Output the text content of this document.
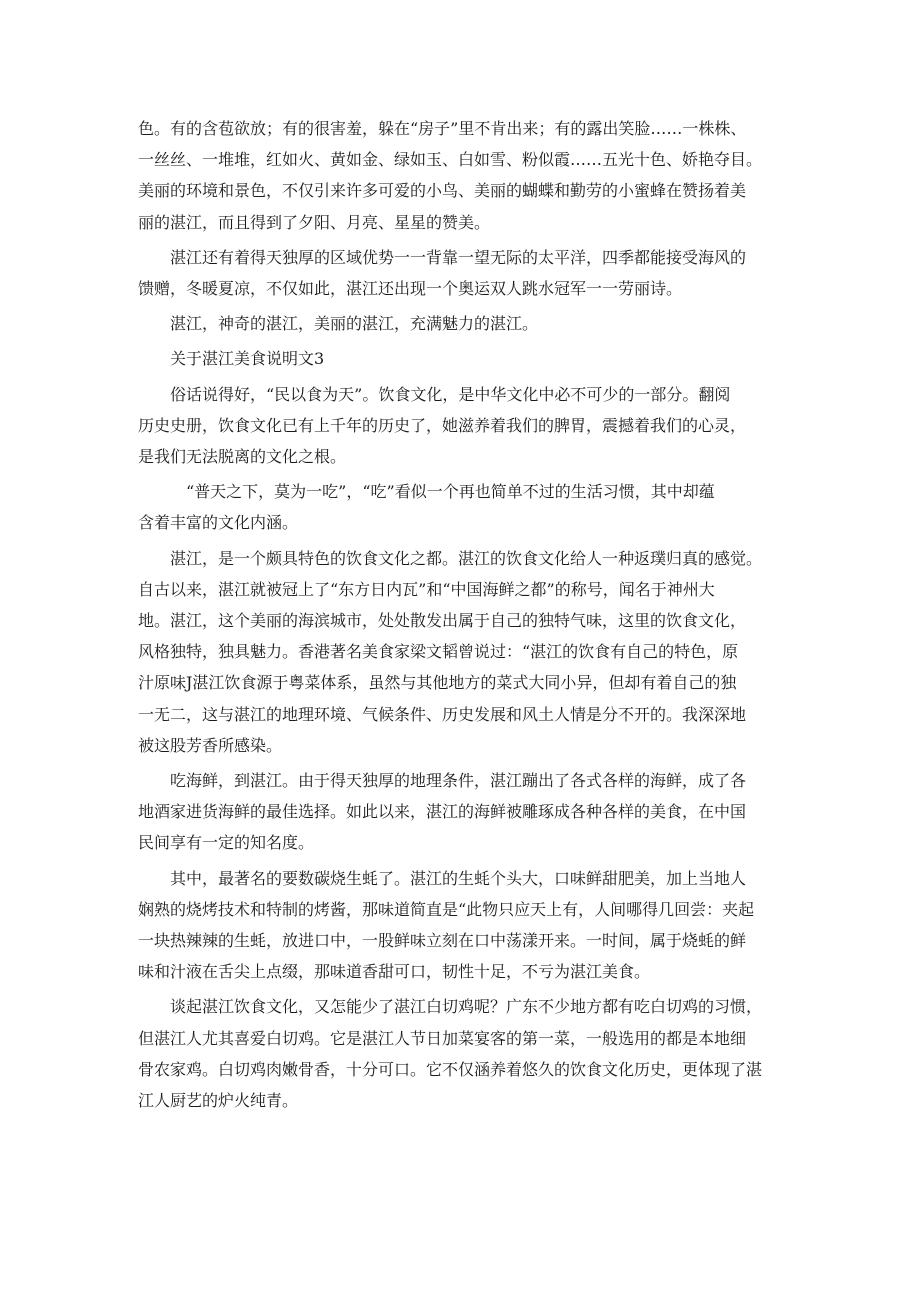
色。有的含苞欲放；有的很害羞，躲在“房子”里不肯出来；有的露出笑脸……一株株、
一丝丝、一堆堆，红如火、黄如金、绿如玉、白如雪、粉似霞……五光十色、娇艳夺目。
美丽的环境和景色，不仅引来许多可爱的小鸟、美丽的蝴蝶和勤劳的小蜜蜂在赞扬着美
丽的湛江，而且得到了夕阳、月亮、星星的赞美。
湛江还有着得天独厚的区域优势一一背靠一望无际的太平洋，四季都能接受海风的
馈赠，冬暖夏凉，不仅如此，湛江还出现一个奥运双人跳水冠军一一劳丽诗。
湛江，神奇的湛江，美丽的湛江，充满魅力的湛江。
关于湛江美食说明文3
俗话说得好，“民以食为天”。饮食文化，是中华文化中必不可少的一部分。翻阅
历史史册，饮食文化已有上千年的历史了，她滋养着我们的脾胃，震撼着我们的心灵，
是我们无法脱离的文化之根。
“普天之下，莫为一吃”，“吃”看似一个再也简单不过的生活习惯，其中却蕴
含着丰富的文化内涵。
湛江，是一个颇具特色的饮食文化之都。湛江的饮食文化给人一种返璞归真的感觉。
自古以来，湛江就被冠上了“东方日内瓦”和“中国海鲜之都”的称号，闻名于神州大
地。湛江，这个美丽的海滨城市，处处散发出属于自己的独特气味，这里的饮食文化，
风格独特，独具魅力。香港著名美食家梁文韬曾说过：“湛江的饮食有自己的特色，原
汁原味J湛江饮食源于粤菜体系，虽然与其他地方的菜式大同小异，但却有着自己的独
一无二，这与湛江的地理环境、气候条件、历史发展和风土人情是分不开的。我深深地
被这股芳香所感染。
吃海鲜，到湛江。由于得天独厚的地理条件，湛江蹦出了各式各样的海鲜，成了各
地酒家进货海鲜的最佳选择。如此以来，湛江的海鲜被雕琢成各种各样的美食，在中国
民间享有一定的知名度。
其中，最著名的要数碳烧生蚝了。湛江的生蚝个头大，口味鲜甜肥美，加上当地人
娴熟的烧烤技术和特制的烤酱，那味道简直是“此物只应天上有，人间哪得几回尝：夹起
一块热辣辣的生蚝，放进口中，一股鲜味立刻在口中荡漾开来。一时间，属于烧蚝的鲜
味和汁液在舌尖上点缀，那味道香甜可口，韧性十足，不亏为湛江美食。
谈起湛江饮食文化，又怎能少了湛江白切鸡呢？广东不少地方都有吃白切鸡的习惯，
但湛江人尤其喜爱白切鸡。它是湛江人节日加菜宴客的第一菜，一般选用的都是本地细
骨农家鸡。白切鸡肉嫩骨香，十分可口。它不仅涵养着悠久的饮食文化历史，更体现了湛
江人厨艺的炉火纯青。
